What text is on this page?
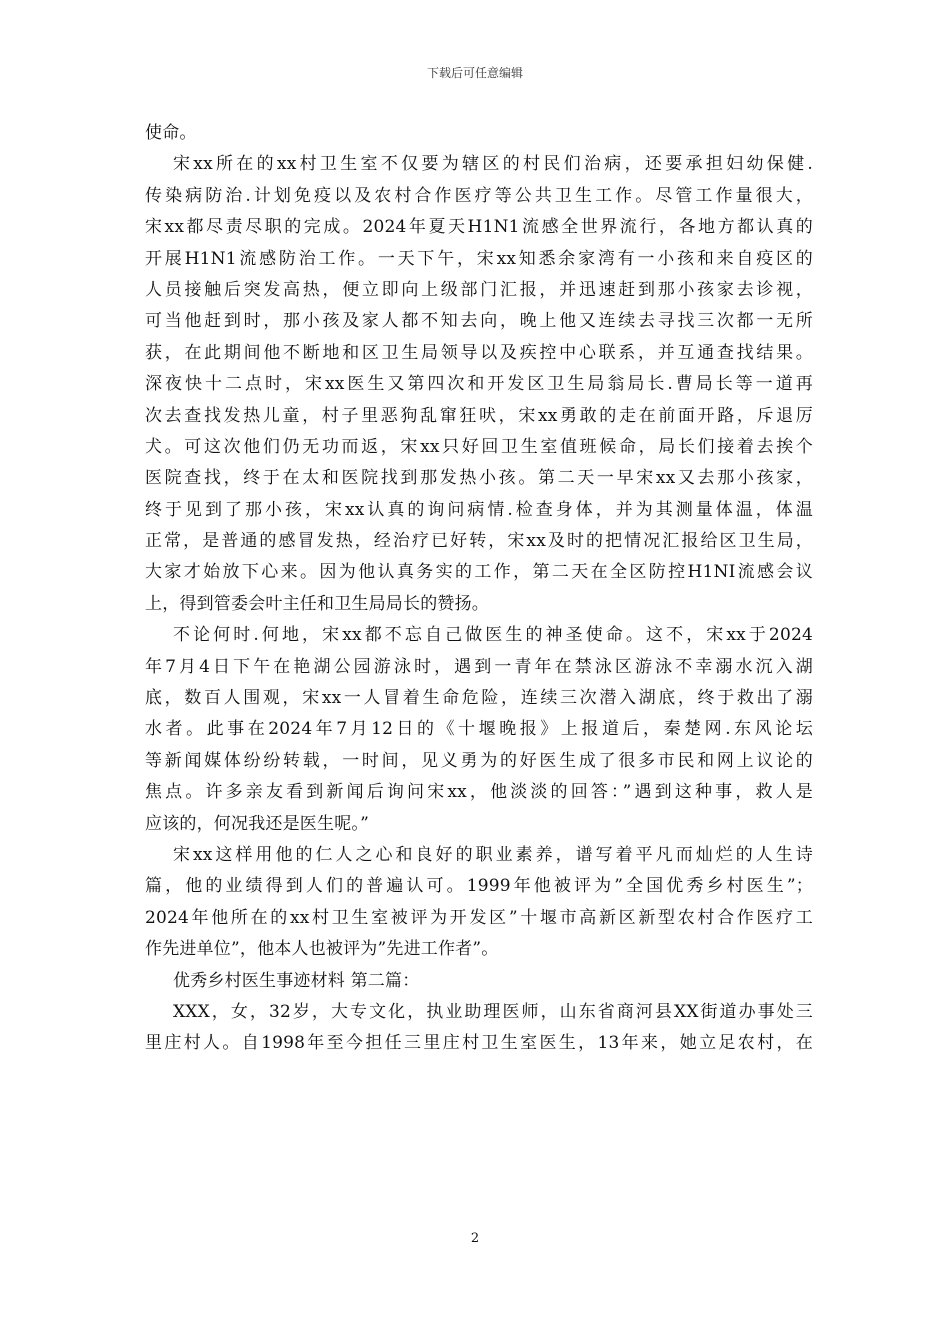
下载后可任意编辑
使命。
宋xx所在的xx村卫生室不仅要为辖区的村民们治病，还要承担妇幼保健.
传染病防治.计划免疫以及农村合作医疗等公共卫生工作。尽管工作量很大，
宋xx都尽责尽职的完成。2024年夏天H1N1流感全世界流行，各地方都认真的
开展H1N1流感防治工作。一天下午，宋xx知悉余家湾有一小孩和来自疫区的
人员接触后突发高热，便立即向上级部门汇报，并迅速赶到那小孩家去诊视，
可当他赶到时，那小孩及家人都不知去向，晚上他又连续去寻找三次都一无所
获，在此期间他不断地和区卫生局领导以及疾控中心联系，并互通查找结果。
深夜快十二点时，宋xx医生又第四次和开发区卫生局翁局长.曹局长等一道再
次去查找发热儿童，村子里恶狗乱窜狂吠，宋xx勇敢的走在前面开路，斥退厉
犬。可这次他们仍无功而返，宋xx只好回卫生室值班候命，局长们接着去挨个
医院查找，终于在太和医院找到那发热小孩。第二天一早宋xx又去那小孩家，
终于见到了那小孩，宋xx认真的询问病情.检查身体，并为其测量体温，体温
正常，是普通的感冒发热，经治疗已好转，宋xx及时的把情况汇报给区卫生局，
大家才始放下心来。因为他认真务实的工作，第二天在全区防控H1NI流感会议
上，得到管委会叶主任和卫生局局长的赞扬。
不论何时.何地，宋xx都不忘自己做医生的神圣使命。这不，宋xx于2024
年7月4日下午在艳湖公园游泳时，遇到一青年在禁泳区游泳不幸溺水沉入湖
底，数百人围观，宋xx一人冒着生命危险，连续三次潜入湖底，终于救出了溺
水者。此事在2024年7月12日的《十堰晚报》上报道后，秦楚网.东风论坛
等新闻媒体纷纷转载，一时间，见义勇为的好医生成了很多市民和网上议论的
焦点。许多亲友看到新闻后询问宋xx，他淡淡的回答：”遇到这种事，救人是
应该的，何况我还是医生呢。”
宋xx这样用他的仁人之心和良好的职业素养，谱写着平凡而灿烂的人生诗
篇，他的业绩得到人们的普遍认可。1999年他被评为”全国优秀乡村医生”；
2024年他所在的xx村卫生室被评为开发区”十堰市高新区新型农村合作医疗工
作先进单位”，他本人也被评为”先进工作者”。
优秀乡村医生事迹材料 第二篇：
XXX，女，32岁，大专文化，执业助理医师，山东省商河县XX街道办事处三
里庄村人。自1998年至今担任三里庄村卫生室医生，13年来，她立足农村，在
2
